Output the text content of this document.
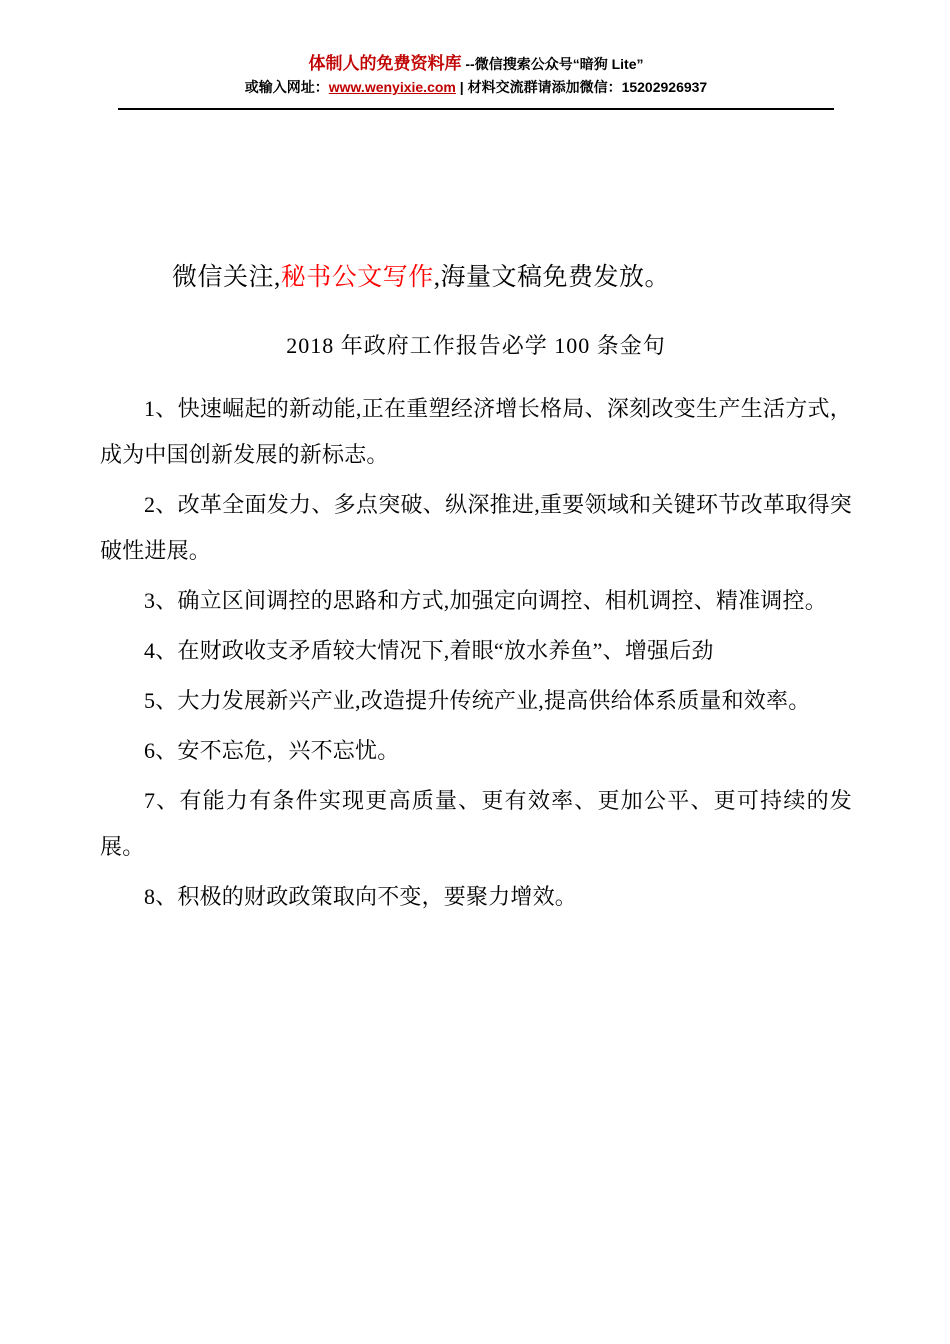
体制人的免费资料库 --微信搜索公众号“暗狗 Lite”
或输入网址：www.wenyixie.com | 材料交流群请添加微信：15202926937
微信关注,秘书公文写作,海量文稿免费发放。
2018 年政府工作报告必学 100 条金句

1、快速崛起的新动能,正在重塑经济增长格局、深刻改变生产生活方式，成为中国创新发展的新标志。

2、改革全面发力、多点突破、纵深推进,重要领域和关键环节改革取得突破性进展。

3、确立区间调控的思路和方式,加强定向调控、相机调控、精准调控。

4、在财政收支矛盾较大情况下,着眼“放水养鱼”、增强后劲

5、大力发展新兴产业,改造提升传统产业,提高供给体系质量和效率。

6、安不忘危，兴不忘忧。

7、有能力有条件实现更高质量、更有效率、更加公平、更可持续的发展。

8、积极的财政政策取向不变，要聚力增效。
